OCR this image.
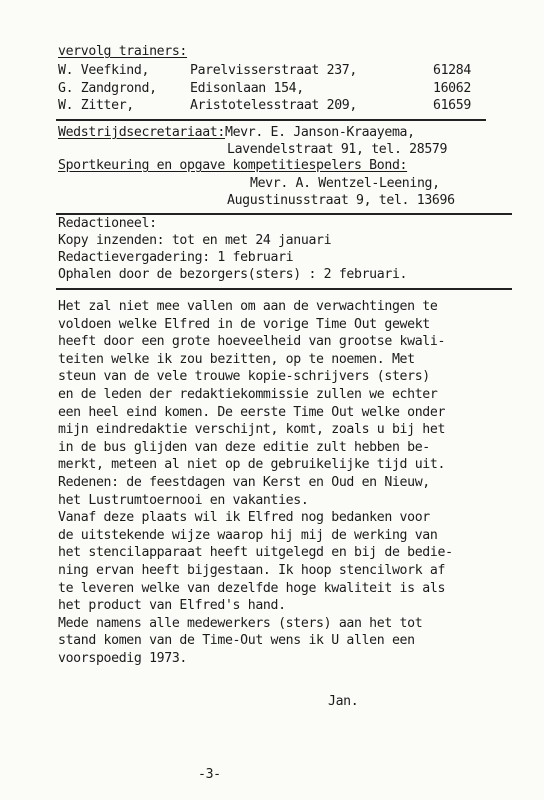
vervolg trainers:
W. Veefkind,	Parelvisserstraat 237,	61284
G. Zandgrond,	Edisonlaan 154,	16062
W. Zitter,	Aristotelesstraat 209,	61659
Wedstrijdsecretariaat:Mevr. E. Janson-Kraayema,
Lavendelstraat 91, tel. 28579
Sportkeuring en opgave kompetitiespelers Bond:
Mevr. A. Wentzel-Leening,
Augustinusstraat 9, tel. 13696
Redactioneel:
Kopy inzenden: tot en met 24 januari
Redactievergadering: 1 februari
Ophalen door de bezorgers(sters) : 2 februari.
Het zal niet mee vallen om aan de verwachtingen te
voldoen welke Elfred in de vorige Time Out gewekt
heeft door een grote hoeveelheid van grootse kwali-
teiten welke ik zou bezitten, op te noemen. Met
steun van de vele trouwe kopie-schrijvers (sters)
en de leden der redaktiekommissie zullen we echter
een heel eind komen. De eerste Time Out welke onder
mijn eindredaktie verschijnt, komt, zoals u bij het
in de bus glijden van deze editie zult hebben be-
merkt, meteen al niet op de gebruikelijke tijd uit.
Redenen: de feestdagen van Kerst en Oud en Nieuw,
het Lustrumtoernooi en vakanties.
Vanaf deze plaats wil ik Elfred nog bedanken voor
de uitstekende wijze waarop hij mij de werking van
het stencilapparaat heeft uitgelegd en bij de bedie-
ning ervan heeft bijgestaan. Ik hoop stencilwork af
te leveren welke van dezelfde hoge kwaliteit is als
het product van Elfred's hand.
Mede namens alle medewerkers (sters) aan het tot
stand komen van de Time-Out wens ik U allen een
voorspoedig 1973.
Jan.
-3-
